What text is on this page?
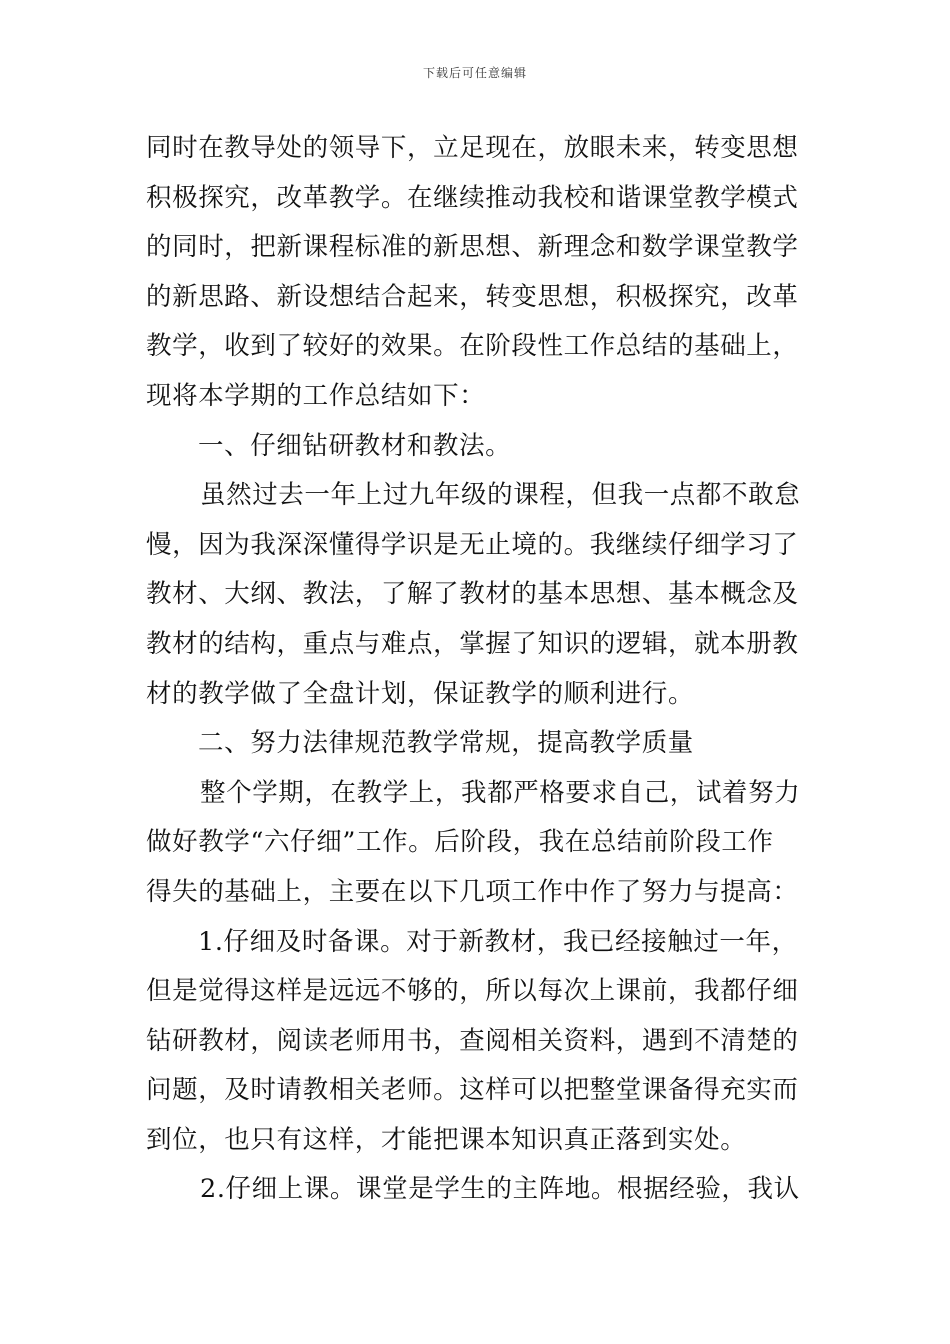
下载后可任意编辑
同时在教导处的领导下，立足现在，放眼未来，转变思想
积极探究，改革教学。在继续推动我校和谐课堂教学模式
的同时，把新课程标准的新思想、新理念和数学课堂教学
的新思路、新设想结合起来，转变思想，积极探究，改革
教学，收到了较好的效果。在阶段性工作总结的基础上，
现将本学期的工作总结如下：
一、仔细钻研教材和教法。
虽然过去一年上过九年级的课程，但我一点都不敢怠
慢，因为我深深懂得学识是无止境的。我继续仔细学习了
教材、大纲、教法，了解了教材的基本思想、基本概念及
教材的结构，重点与难点，掌握了知识的逻辑，就本册教
材的教学做了全盘计划，保证教学的顺利进行。
二、努力法律规范教学常规，提高教学质量
整个学期，在教学上，我都严格要求自己，试着努力
做好教学“六仔细”工作。后阶段，我在总结前阶段工作
得失的基础上，主要在以下几项工作中作了努力与提高：
1.仔细及时备课。对于新教材，我已经接触过一年，
但是觉得这样是远远不够的，所以每次上课前，我都仔细
钻研教材，阅读老师用书，查阅相关资料，遇到不清楚的
问题，及时请教相关老师。这样可以把整堂课备得充实而
到位，也只有这样，才能把课本知识真正落到实处。
2.仔细上课。课堂是学生的主阵地。根据经验，我认
